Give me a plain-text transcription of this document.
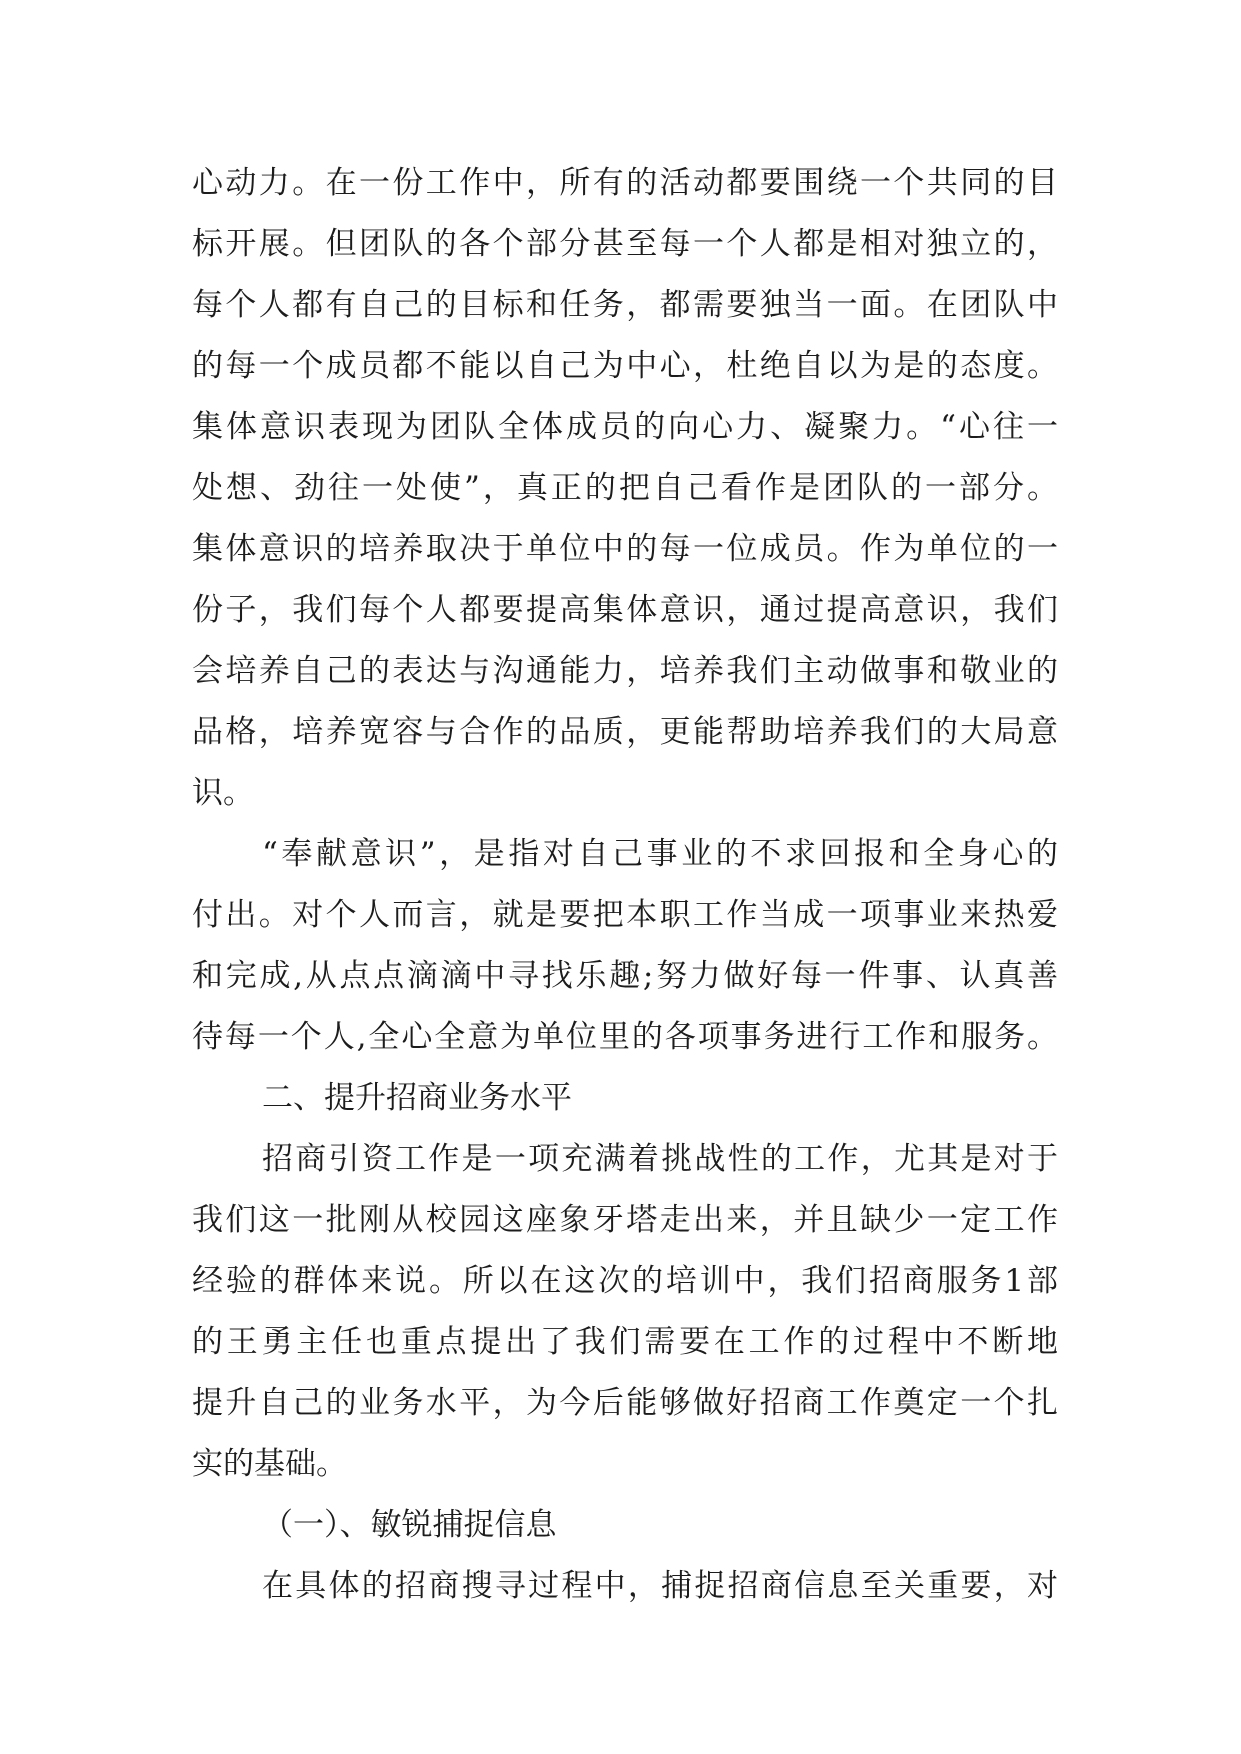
心动力。在一份工作中，所有的活动都要围绕一个共同的目
标开展。但团队的各个部分甚至每一个人都是相对独立的，
每个人都有自己的目标和任务，都需要独当一面。在团队中
的每一个成员都不能以自己为中心，杜绝自以为是的态度。
集体意识表现为团队全体成员的向心力、凝聚力。“心往一
处想、劲往一处使”，真正的把自己看作是团队的一部分。
集体意识的培养取决于单位中的每一位成员。作为单位的一
份子，我们每个人都要提高集体意识，通过提高意识，我们
会培养自己的表达与沟通能力，培养我们主动做事和敬业的
品格，培养宽容与合作的品质，更能帮助培养我们的大局意
识。
“奉献意识”，是指对自己事业的不求回报和全身心的
付出。对个人而言，就是要把本职工作当成一项事业来热爱
和完成,从点点滴滴中寻找乐趣;努力做好每一件事、认真善
待每一个人,全心全意为单位里的各项事务进行工作和服务。
二、提升招商业务水平
招商引资工作是一项充满着挑战性的工作，尤其是对于
我们这一批刚从校园这座象牙塔走出来，并且缺少一定工作
经验的群体来说。所以在这次的培训中，我们招商服务1部
的王勇主任也重点提出了我们需要在工作的过程中不断地
提升自己的业务水平，为今后能够做好招商工作奠定一个扎
实的基础。
（一）、敏锐捕捉信息
在具体的招商搜寻过程中，捕捉招商信息至关重要，对
